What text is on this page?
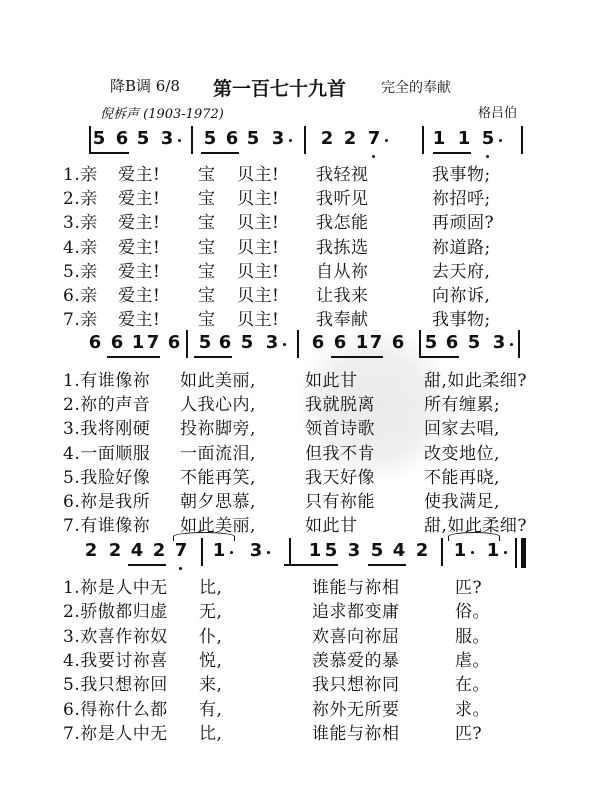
降B调 6/8 第一百七十九首 完全的奉献
倪柝声 (1903-1972)	格吕伯
5 6 5 3 5 6 5 3 2 2 7	1 1 5
1.亲 爱主! 宝 贝主! 我轻视	我事物;
2.亲 爱主! 宝 贝主! 我听见	祢招呼;
3.亲 爱主! 宝 贝主! 我怎能	再顽固?
4.亲 爱主! 宝 贝主! 我拣选	祢道路;
5.亲 爱主! 宝 贝主! 自从祢	去天府,
6.亲 爱主! 宝 贝主! 让我来	向祢诉,
7.亲 爱主! 宝 贝主! 我奉献	我事物;
6 6 1 7 6 5 6 5 3 6 6 1 7 6 5 6 5 3
1.有谁像祢 如此美丽,	如此甘	甜,如此柔细?
2.祢的声音 人我心内,	我就脱离	所有缠累;
3.我将刚硬 投祢脚旁,	领首诗歌	回家去唱,
4.一面顺服 一面流泪,	但我不肯	改变地位,
5.我脸好像 不能再笑,	我天好像	不能再晓,
6.祢是我所 朝夕思慕,	只有祢能	使我满足,
7.有谁像祢 如此美丽,	如此甘	甜,如此柔细?
2 2 4 2 7 1 3	1 5 3 5 4 2 1 1
1.祢是人中无 比,	谁能与祢相	匹?
2.骄傲都归虚 无,	追求都变庸	俗。
3.欢喜作祢奴 仆,	欢喜向祢屈	服。
4.我要讨祢喜 悦,	羡慕爱的暴	虐。
5.我只想祢回 来,	我只想祢同	在。
6.得祢什么都 有,	祢外无所要	求。
7.祢是人中无 比,	谁能与祢相	匹?
